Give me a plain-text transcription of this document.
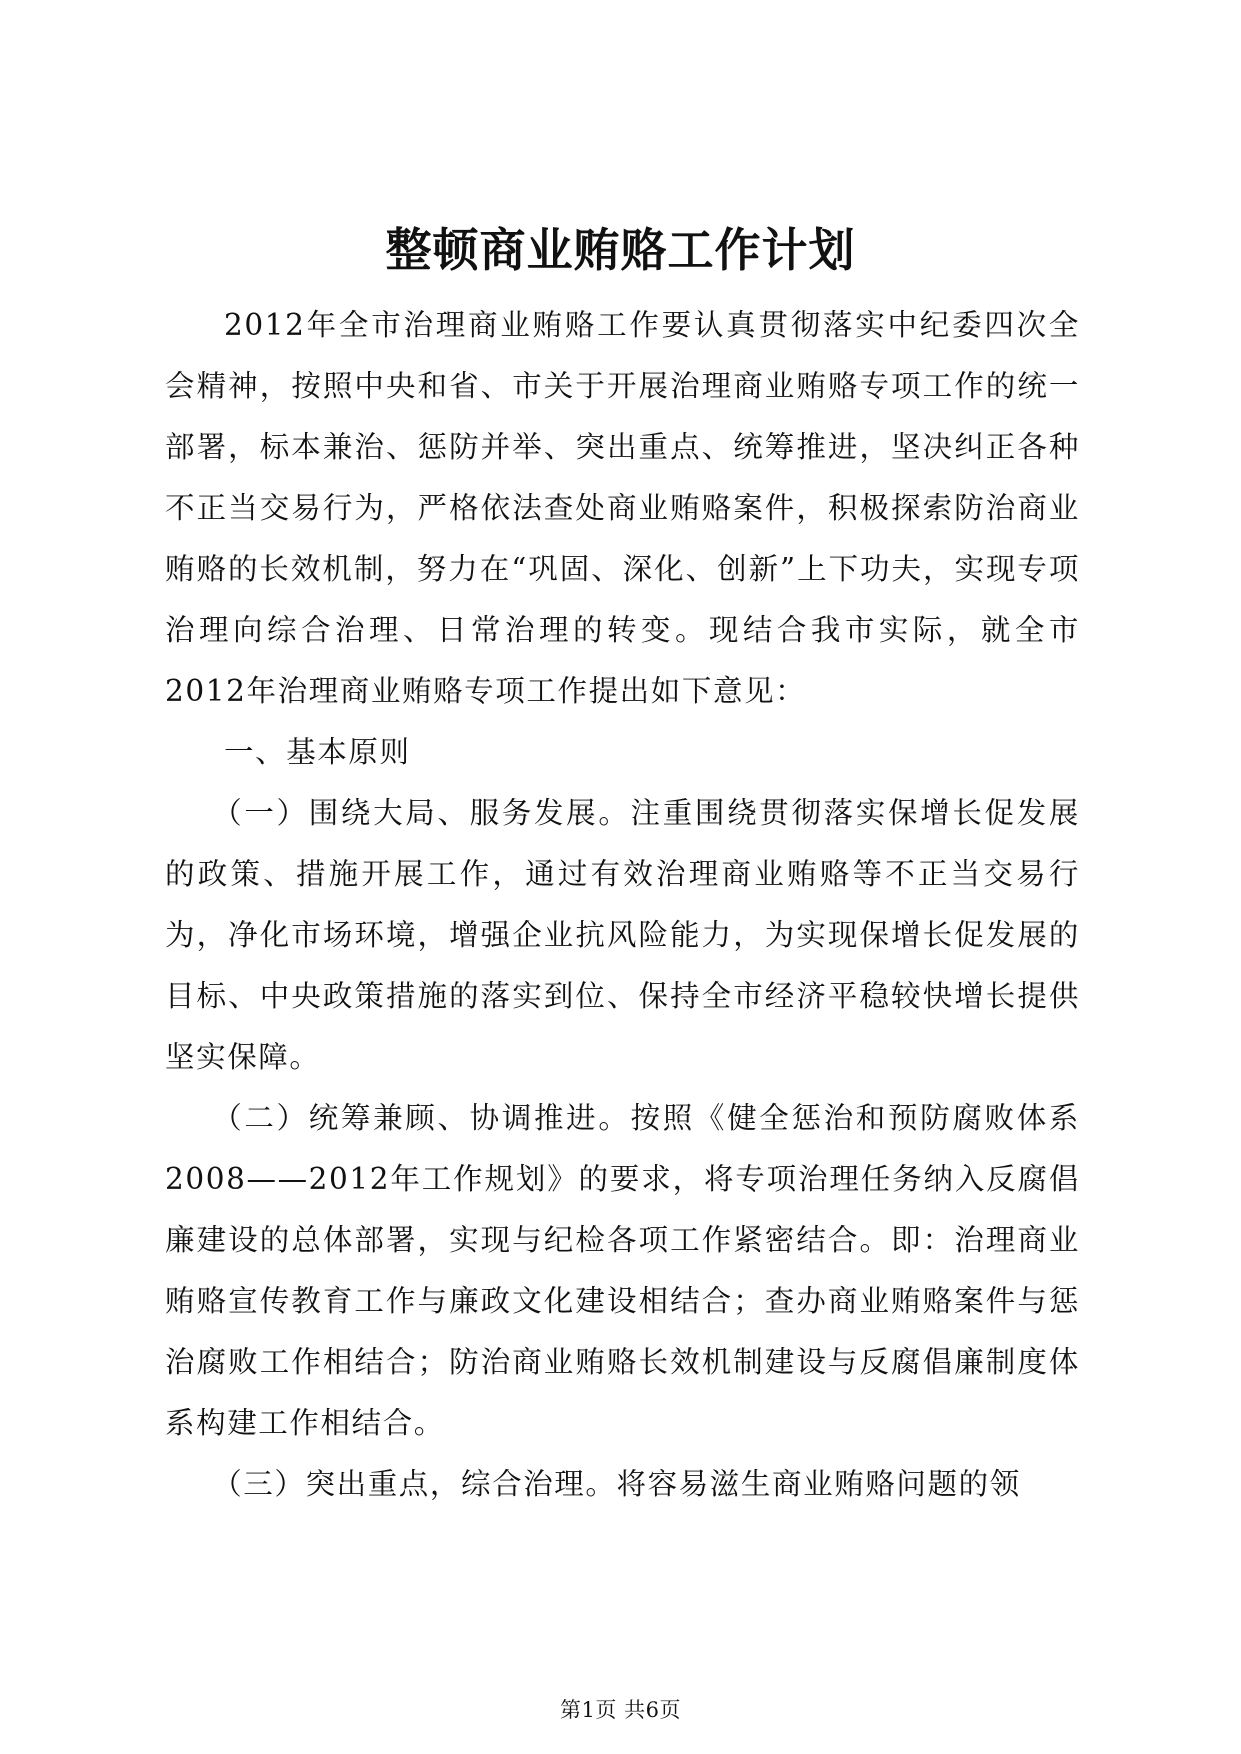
整顿商业贿赂工作计划

2012年全市治理商业贿赂工作要认真贯彻落实中纪委四次全会精神，按照中央和省、市关于开展治理商业贿赂专项工作的统一部署，标本兼治、惩防并举、突出重点、统筹推进，坚决纠正各种不正当交易行为，严格依法查处商业贿赂案件，积极探索防治商业贿赂的长效机制，努力在“巩固、深化、创新”上下功夫，实现专项治理向综合治理、日常治理的转变。现结合我市实际，就全市2012年治理商业贿赂专项工作提出如下意见：

一、基本原则

（一）围绕大局、服务发展。注重围绕贯彻落实保增长促发展的政策、措施开展工作，通过有效治理商业贿赂等不正当交易行为，净化市场环境，增强企业抗风险能力，为实现保增长促发展的目标、中央政策措施的落实到位、保持全市经济平稳较快增长提供坚实保障。

（二）统筹兼顾、协调推进。按照《健全惩治和预防腐败体系2008——2012年工作规划》的要求，将专项治理任务纳入反腐倡廉建设的总体部署，实现与纪检各项工作紧密结合。即：治理商业贿赂宣传教育工作与廉政文化建设相结合；查办商业贿赂案件与惩治腐败工作相结合；防治商业贿赂长效机制建设与反腐倡廉制度体系构建工作相结合。

（三）突出重点，综合治理。将容易滋生商业贿赂问题的领

第1页 共6页
